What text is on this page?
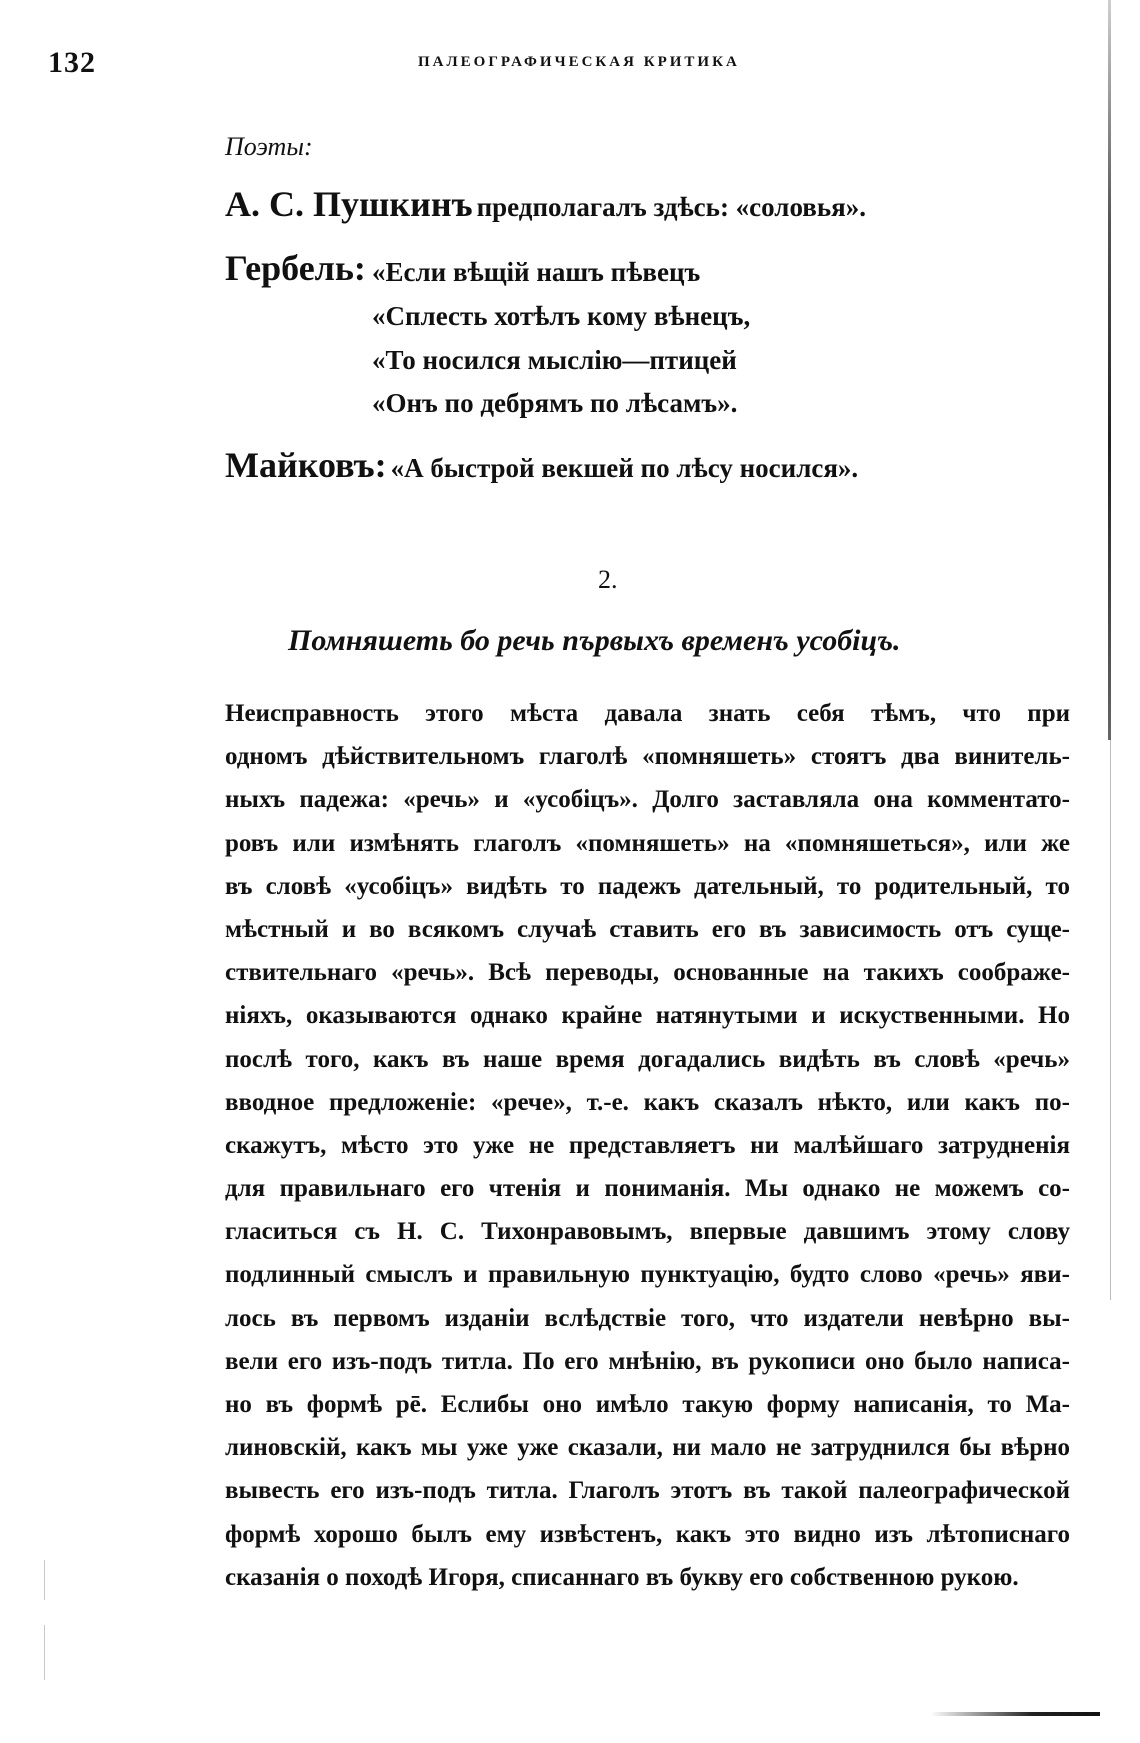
132	ПАЛЕОГРАФИЧЕСКАЯ КРИТИКА
Поэты:
А. С. Пушкинъ предполагалъ здѣсь: «соловья».
Гербель: «Если вѣщій нашъ пѣвецъ
«Сплесть хотѣлъ кому вѣнецъ,
«То носился мыслію—птицей
«Онъ по дебрямъ по лѣсамъ».
Майковъ: «А быстрой векшей по лѣсу носился».
2.
Помняшеть бо речь първыхъ временъ усобіцъ.
Неисправность этого мѣста давала знать себя тѣмъ, что при
одномъ дѣйствительномъ глаголѣ «помняшеть» стоятъ два винитель-
ныхъ падежа: «речь» и «усобіцъ». Долго заставляла она комментато-
ровъ или измѣнять глаголъ «помняшеть» на «помняшеться», или же
въ словѣ «усобіцъ» видѣть то падежъ дательный, то родительный, то
мѣстный и во всякомъ случаѣ ставить его въ зависимость отъ суще-
ствительнаго «речь». Всѣ переводы, основанные на такихъ соображе-
ніяхъ, оказываются однако крайне натянутыми и искуственными. Но
послѣ того, какъ въ наше время догадались видѣть въ словѣ «речь»
вводное предложеніе: «рече», т.-е. какъ сказалъ нѣкто, или какъ по-
скажутъ, мѣсто это уже не представляетъ ни малѣйшаго затрудненія
для правильнаго его чтенія и пониманія. Мы однако не можемъ со-
гласиться съ Н. С. Тихонравовымъ, впервые давшимъ этому слову
подлинный смыслъ и правильную пунктуацію, будто слово «речь» яви-
лось въ первомъ изданіи вслѣдствіе того, что издатели невѣрно вы-
вели его изъ-подъ титла. По его мнѣнію, въ рукописи оно было написа-
но въ формѣ рē. Еслибы оно имѣло такую форму написанія, то Ма-
линовскій, какъ мы уже уже сказали, ни мало не затруднился бы вѣрно
вывесть его изъ-подъ титла. Глаголъ этотъ въ такой палеографической
формѣ хорошо былъ ему извѣстенъ, какъ это видно изъ лѣтописнаго
сказанія о походѣ Игоря, списаннаго въ букву его собственною рукою.
